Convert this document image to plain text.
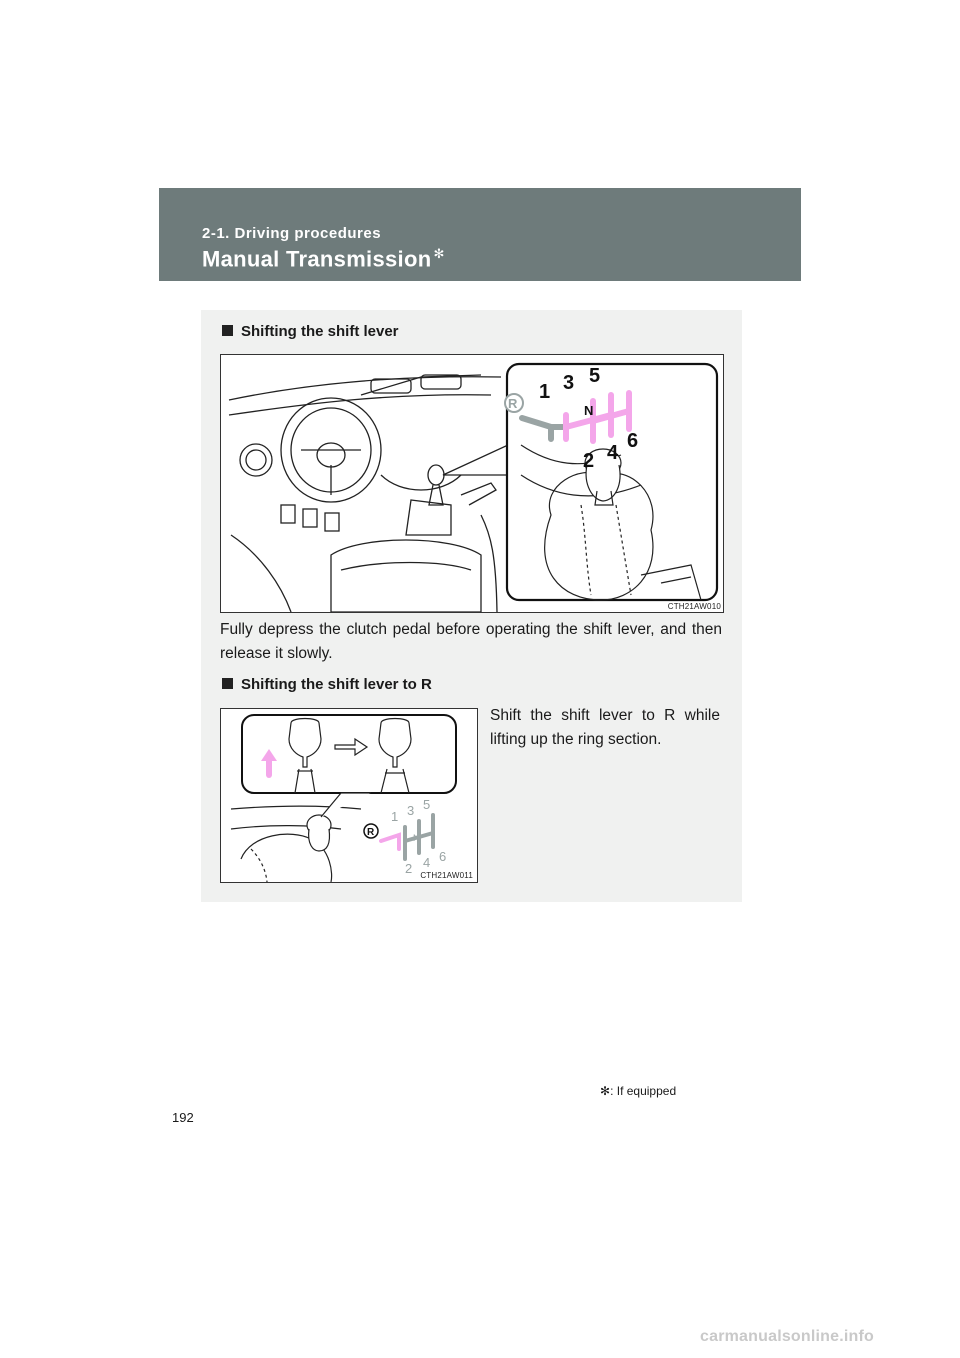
2-1. Driving procedures
Manual Transmission ✻
Shifting the shift lever
R
1 3 5
N
2 4
6
CTH21AW010
Fully depress the clutch pedal before operating the shift lever, and then release it slowly.
Shifting the shift lever to R
R
1 3 5
N
2 4 6
CTH21AW011
Shift the shift lever to R while lifting up the ring section.
✻: If equipped
192
carmanualsonline.info
